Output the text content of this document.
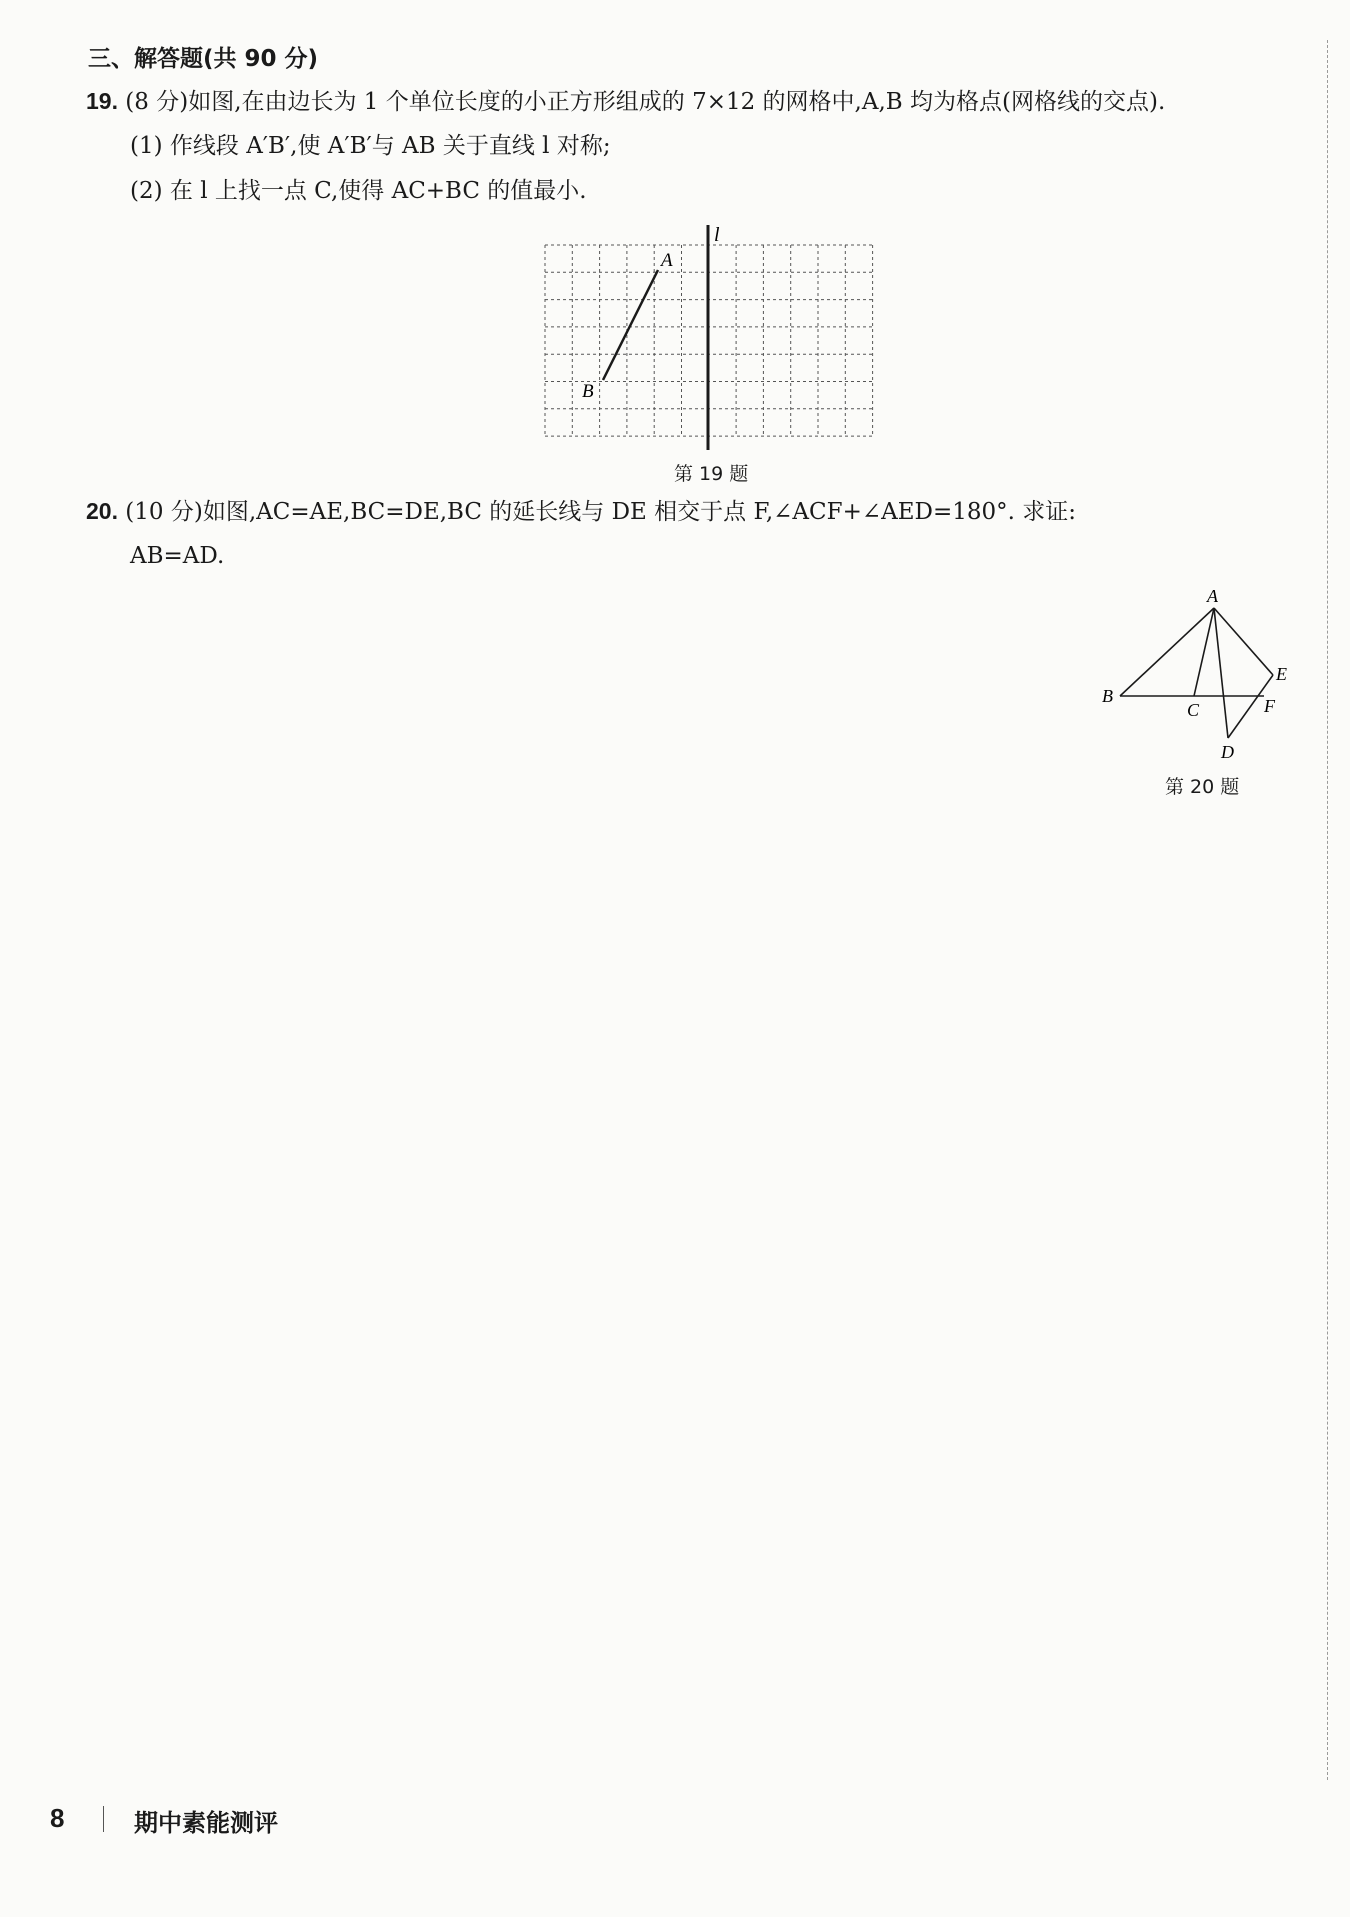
三、解答题(共 90 分)
19. (8 分)如图,在由边长为 1 个单位长度的小正方形组成的 7×12 的网格中,A,B 均为格点(网格线的交点).
(1) 作线段 A′B′,使 A′B′与 AB 关于直线 l 对称;
(2) 在 l 上找一点 C,使得 AC+BC 的值最小.
l
A
B
第 19 题
20. (10 分)如图,AC=AE,BC=DE,BC 的延长线与 DE 相交于点 F,∠ACF+∠AED=180°. 求证:
AB=AD.
A
B
C
D
E
F
第 20 题
8	期中素能测评
